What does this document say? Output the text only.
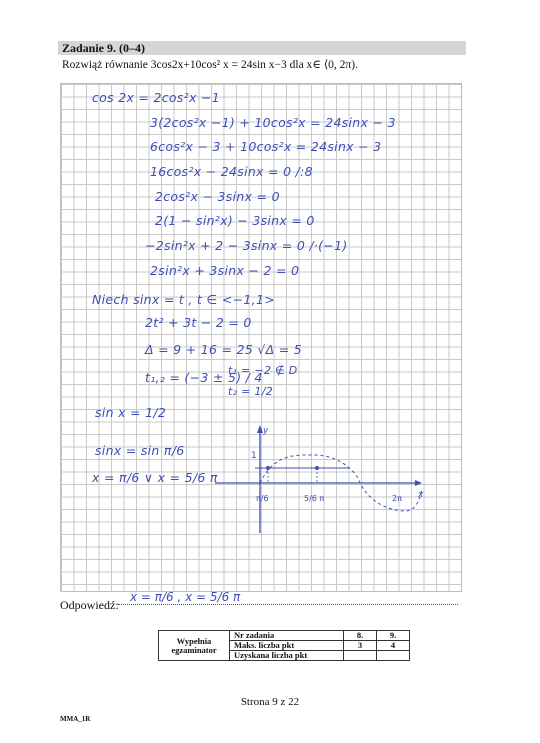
Zadanie 9. (0–4)
Rozwiąż równanie 3cos2x+10cos² x = 24sin x−3 dla x∈ ⟨0, 2π).
cos 2x = 2cos²x −1
3(2cos²x −1) + 10cos²x = 24sinx − 3
6cos²x − 3 + 10cos²x = 24sinx − 3
16cos²x − 24sinx = 0 /:8
2cos²x − 3sinx = 0
2(1 − sin²x) − 3sinx = 0
−2sin²x + 2 − 3sinx = 0 /·(−1)
2sin²x + 3sinx − 2 = 0
Niech sinx = t , t ∈ <−1,1>
2t² + 3t − 2 = 0
Δ = 9 + 16 = 25 √Δ = 5
t₁,₂ = (−3 ± 5) / 4
t₁ = −2 ∉ D
t₂ = 1/2
sin x = 1/2
sinx = sin π/6
x = π/6 ∨ x = 5/6 π
y
x
1
π/6	5/6 π	2π
Odpowiedź:
x = π/6 , x = 5/6 π
Wypełnia egzaminator	Nr zadania	8.	9.
	Maks. liczba pkt	3	4
	Uzyskana liczba pkt		
Strona 9 z 22
MMA_1R
